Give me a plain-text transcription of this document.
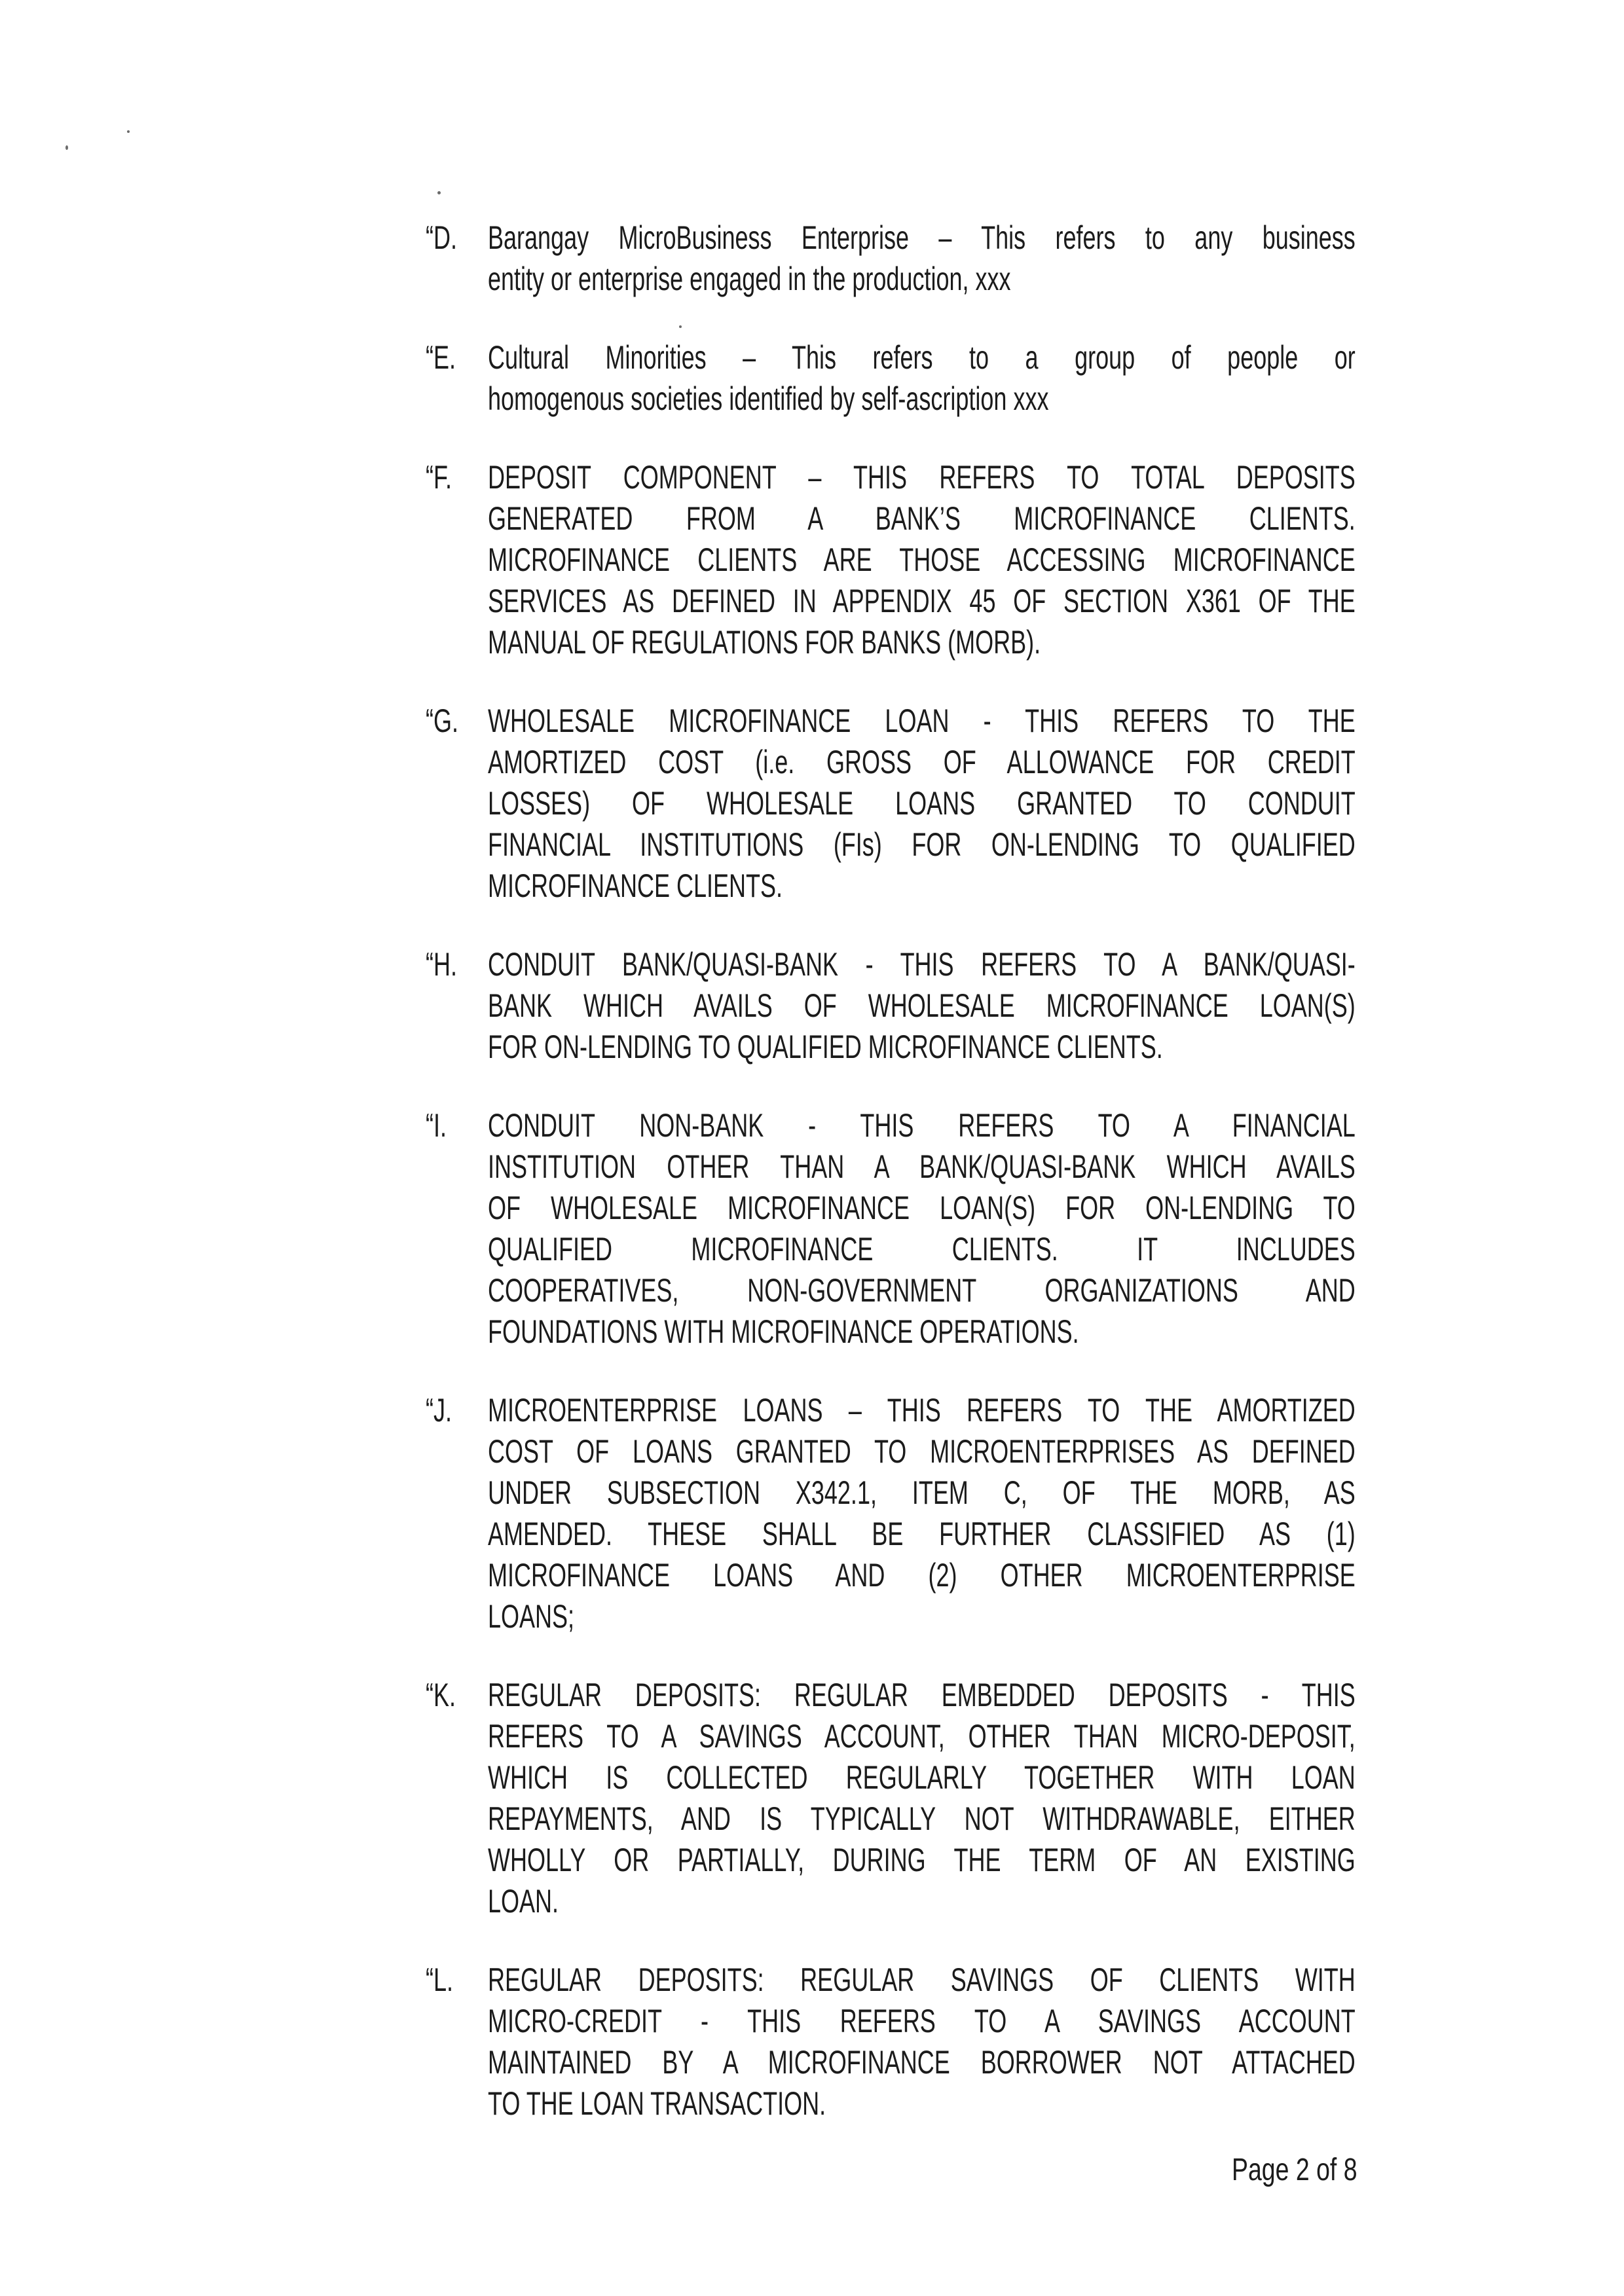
“D. Barangay MicroBusiness Enterprise – This refers to any business
entity or enterprise engaged in the production, xxx
“E. Cultural Minorities – This refers to a group of people or
homogenous societies identified by self-ascription xxx
“F. DEPOSIT COMPONENT – THIS REFERS TO TOTAL DEPOSITS
GENERATED FROM A BANK’S MICROFINANCE CLIENTS.
MICROFINANCE CLIENTS ARE THOSE ACCESSING MICROFINANCE
SERVICES AS DEFINED IN APPENDIX 45 OF SECTION X361 OF THE
MANUAL OF REGULATIONS FOR BANKS (MORB).
“G. WHOLESALE MICROFINANCE LOAN - THIS REFERS TO THE
AMORTIZED COST (i.e. GROSS OF ALLOWANCE FOR CREDIT
LOSSES) OF WHOLESALE LOANS GRANTED TO CONDUIT
FINANCIAL INSTITUTIONS (FIs) FOR ON-LENDING TO QUALIFIED
MICROFINANCE CLIENTS.
“H. CONDUIT BANK/QUASI-BANK - THIS REFERS TO A BANK/QUASI-
BANK WHICH AVAILS OF WHOLESALE MICROFINANCE LOAN(S)
FOR ON-LENDING TO QUALIFIED MICROFINANCE CLIENTS.
“I. CONDUIT NON-BANK - THIS REFERS TO A FINANCIAL
INSTITUTION OTHER THAN A BANK/QUASI-BANK WHICH AVAILS
OF WHOLESALE MICROFINANCE LOAN(S) FOR ON-LENDING TO
QUALIFIED MICROFINANCE CLIENTS. IT INCLUDES
COOPERATIVES, NON-GOVERNMENT ORGANIZATIONS AND
FOUNDATIONS WITH MICROFINANCE OPERATIONS.
“J. MICROENTERPRISE LOANS – THIS REFERS TO THE AMORTIZED
COST OF LOANS GRANTED TO MICROENTERPRISES AS DEFINED
UNDER SUBSECTION X342.1, ITEM C, OF THE MORB, AS
AMENDED. THESE SHALL BE FURTHER CLASSIFIED AS (1)
MICROFINANCE LOANS AND (2) OTHER MICROENTERPRISE
LOANS;
“K. REGULAR DEPOSITS: REGULAR EMBEDDED DEPOSITS - THIS
REFERS TO A SAVINGS ACCOUNT, OTHER THAN MICRO-DEPOSIT,
WHICH IS COLLECTED REGULARLY TOGETHER WITH LOAN
REPAYMENTS, AND IS TYPICALLY NOT WITHDRAWABLE, EITHER
WHOLLY OR PARTIALLY, DURING THE TERM OF AN EXISTING
LOAN.
“L. REGULAR DEPOSITS: REGULAR SAVINGS OF CLIENTS WITH
MICRO-CREDIT - THIS REFERS TO A SAVINGS ACCOUNT
MAINTAINED BY A MICROFINANCE BORROWER NOT ATTACHED
TO THE LOAN TRANSACTION.
Page 2 of 8
